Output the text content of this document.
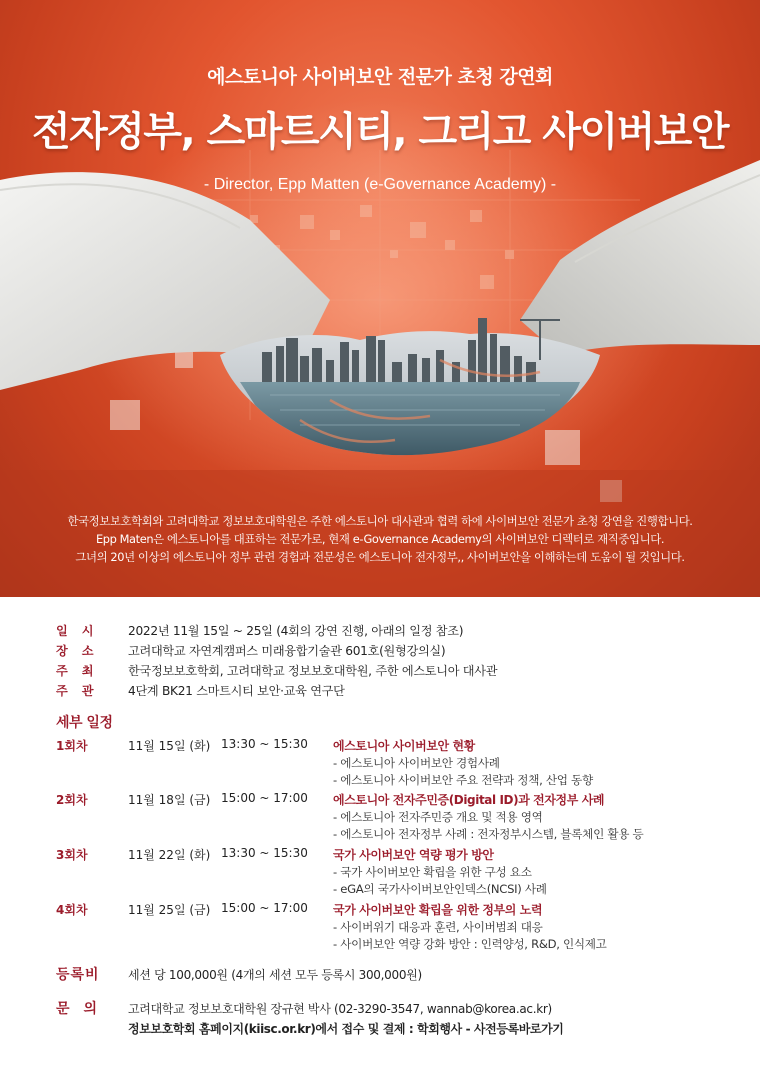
에스토니아 사이버보안 전문가 초청 강연회
전자정부, 스마트시티, 그리고 사이버보안
- Director, Epp Matten (e-Governance Academy) -
한국정보보호학회와 고려대학교 정보보호대학원은 주한 에스토니아 대사관과 협력 하에 사이버보안 전문가 초청 강연을 진행합니다.
Epp Maten은 에스토니아를 대표하는 전문가로, 현재 e-Governance Academy의 사이버보안 디렉터로 재직중입니다.
그녀의 20년 이상의 에스토니아 정부 관련 경험과 전문성은 에스토니아 전자정부,, 사이버보안을 이해하는데 도움이 될 것입니다.
일시 2022년 11월 15일 ~ 25일 (4회의 강연 진행, 아래의 일정 참조)
장소 고려대학교 자연계캠퍼스 미래융합기술관 601호(원형강의실)
주최 한국정보보호학회, 고려대학교 정보보호대학원, 주한 에스토니아 대사관
주관 4단계 BK21 스마트시티 보안·교육 연구단
세부 일정
1회차	11월 15일 (화) 13:30 ~ 15:30 에스토니아 사이버보안 현황
- 에스토니아 사이버보안 경험사례
- 에스토니아 사이버보안 주요 전략과 정책, 산업 동향
2회차	11월 18일 (금) 15:00 ~ 17:00 에스토니아 전자주민증(Digital ID)과 전자정부 사례
- 에스토니아 전자주민증 개요 및 적용 영역
- 에스토니아 전자정부 사례 : 전자정부시스템, 블록체인 활용 등
3회차	11월 22일 (화) 13:30 ~ 15:30 국가 사이버보안 역량 평가 방안
- 국가 사이버보안 확립을 위한 구성 요소
- eGA의 국가사이버보안인덱스(NCSI) 사례
4회차	11월 25일 (금) 15:00 ~ 17:00 국가 사이버보안 확립을 위한 정부의 노력
- 사이버위기 대응과 훈련, 사이버범죄 대응
- 사이버보안 역량 강화 방안 : 인력양성, R&D, 인식제고
등록비 세션 당 100,000원 (4개의 세션 모두 등록시 300,000원)
문의 고려대학교 정보보호대학원 장규현 박사 (02-3290-3547, wannab@korea.ac.kr)
정보보호학회 홈페이지(kiisc.or.kr)에서 접수 및 결제 : 학회행사 - 사전등록바로가기
